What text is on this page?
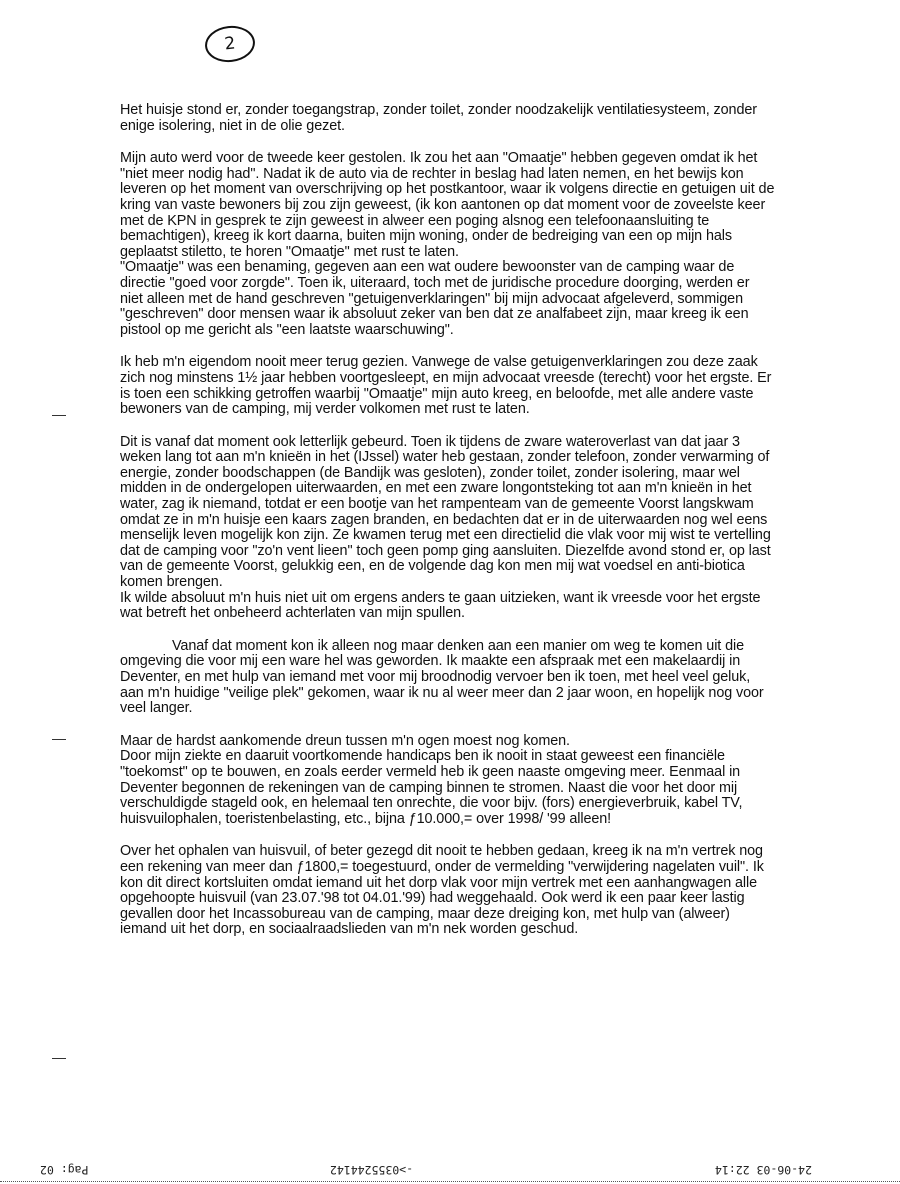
2

Het huisje stond er, zonder toegangstrap, zonder toilet, zonder noodzakelijk ventilatiesysteem, zonder enige isolering, niet in de olie gezet.

Mijn auto werd voor de tweede keer gestolen. Ik zou het aan "Omaatje" hebben gegeven omdat ik het "niet meer nodig had". Nadat ik de auto via de rechter in beslag had laten nemen, en het bewijs kon leveren op het moment van overschrijving op het postkantoor, waar ik volgens directie en getuigen uit de kring van vaste bewoners bij zou zijn geweest, (ik kon aantonen op dat moment voor de zoveelste keer met de KPN in gesprek te zijn geweest in alweer een poging alsnog een telefoonaansluiting te bemachtigen), kreeg ik kort daarna, buiten mijn woning, onder de bedreiging van een op mijn hals geplaatst stiletto, te horen "Omaatje" met rust te laten.

"Omaatje" was een benaming, gegeven aan een wat oudere bewoonster van de camping waar de directie "goed voor zorgde". Toen ik, uiteraard, toch met de juridische procedure doorging, werden er niet alleen met de hand geschreven "getuigenverklaringen" bij mijn advocaat afgeleverd, sommigen "geschreven" door mensen waar ik absoluut zeker van ben dat ze analfabeet zijn, maar kreeg ik een pistool op me gericht als "een laatste waarschuwing".

Ik heb m'n eigendom nooit meer terug gezien. Vanwege de valse getuigenverklaringen zou deze zaak zich nog minstens 1½ jaar hebben voortgesleept, en mijn advocaat vreesde (terecht) voor het ergste. Er is toen een schikking getroffen waarbij "Omaatje" mijn auto kreeg, en beloofde, met alle andere vaste bewoners van de camping, mij verder volkomen met rust te laten.

Dit is vanaf dat moment ook letterlijk gebeurd. Toen ik tijdens de zware wateroverlast van dat jaar 3 weken lang tot aan m'n knieën in het (IJssel) water heb gestaan, zonder telefoon, zonder verwarming of energie, zonder boodschappen (de Bandijk was gesloten), zonder toilet, zonder isolering, maar wel midden in de ondergelopen uiterwaarden, en met een zware longontsteking tot aan m'n knieën in het water, zag ik niemand, totdat er een bootje van het rampenteam van de gemeente Voorst langskwam omdat ze in m'n huisje een kaars zagen branden, en bedachten dat er in de uiterwaarden nog wel eens menselijk leven mogelijk kon zijn. Ze kwamen terug met een directielid die vlak voor mij wist te vertelling dat de camping voor "zo'n vent lieen" toch geen pomp ging aansluiten. Diezelfde avond stond er, op last van de gemeente Voorst, gelukkig een, en de volgende dag kon men mij wat voedsel en anti-biotica komen brengen.

Ik wilde absoluut m'n huis niet uit om ergens anders te gaan uitzieken, want ik vreesde voor het ergste wat betreft het onbeheerd achterlaten van mijn spullen.

Vanaf dat moment kon ik alleen nog maar denken aan een manier om weg te komen uit die omgeving die voor mij een ware hel was geworden. Ik maakte een afspraak met een makelaardij in Deventer, en met hulp van iemand met voor mij broodnodig vervoer ben ik toen, met heel veel geluk, aan m'n huidige "veilige plek" gekomen, waar ik nu al weer meer dan 2 jaar woon, en hopelijk nog voor veel langer.

Maar de hardst aankomende dreun tussen m'n ogen moest nog komen.

Door mijn ziekte en daaruit voortkomende handicaps ben ik nooit in staat geweest een financiële "toekomst" op te bouwen, en zoals eerder vermeld heb ik geen naaste omgeving meer. Eenmaal in Deventer begonnen de rekeningen van de camping binnen te stromen. Naast die voor het door mij verschuldigde stageld ook, en helemaal ten onrechte, die voor bijv. (fors) energieverbruik, kabel TV, huisvuilophalen, toeristenbelasting, etc., bijna ƒ10.000,= over 1998/ '99 alleen!

Over het ophalen van huisvuil, of beter gezegd dit nooit te hebben gedaan, kreeg ik na m'n vertrek nog een rekening van meer dan ƒ1800,= toegestuurd, onder de vermelding "verwijdering nagelaten vuil". Ik kon dit direct kortsluiten omdat iemand uit het dorp vlak voor mijn vertrek met een aanhangwagen alle opgehoopte huisvuil (van 23.07.'98 tot 04.01.'99) had weggehaald. Ook werd ik een paar keer lastig gevallen door het Incassobureau van de camping, maar deze dreiging kon, met hulp van (alweer) iemand uit het dorp, en sociaalraadslieden van m'n nek worden geschud.

Pag: 02	->0355244142	24-06-03 22:14
